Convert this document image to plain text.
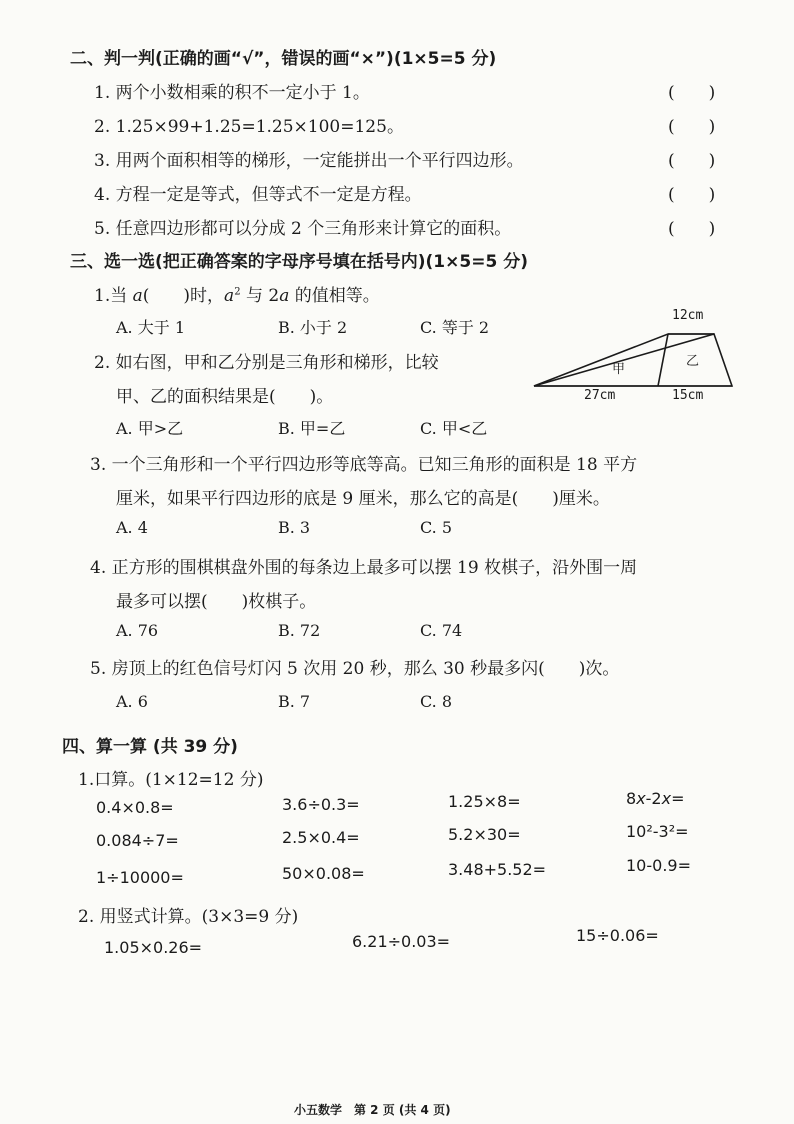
二、判一判(正确的画“√”，错误的画“×”)(1×5=5 分)
1. 两个小数相乘的积不一定小于 1。	(　　)
2. 1.25×99+1.25=1.25×100=125。	(　　)
3. 用两个面积相等的梯形，一定能拼出一个平行四边形。	(　　)
4. 方程一定是等式，但等式不一定是方程。	(　　)
5. 任意四边形都可以分成 2 个三角形来计算它的面积。	(　　)
三、选一选(把正确答案的字母序号填在括号内)(1×5=5 分)
1.当 a(　　)时，$a^2$ 与 2a 的值相等。
A. 大于 1	B. 小于 2	C. 等于 2
2. 如右图，甲和乙分别是三角形和梯形，比较
甲、乙的面积结果是(　　)。
A. 甲>乙	B. 甲=乙	C. 甲<乙
12cm
甲
乙
27cm	15cm
3. 一个三角形和一个平行四边形等底等高。已知三角形的面积是 18 平方
厘米，如果平行四边形的底是 9 厘米，那么它的高是(　　)厘米。
A. 4	B. 3	C. 5
4. 正方形的围棋棋盘外围的每条边上最多可以摆 19 枚棋子，沿外围一周
最多可以摆(　　)枚棋子。
A. 76	B. 72	C. 74
5. 房顶上的红色信号灯闪 5 次用 20 秒，那么 30 秒最多闪(　　)次。
A. 6	B. 7	C. 8
四、算一算 (共 39 分)
1.口算。(1×12=12 分)
0.4×0.8=	3.6÷0.3=	1.25×8=	8x-2x=
0.084÷7=	2.5×0.4=	5.2×30=	10²-3²=
1÷10000=	50×0.08=	3.48+5.52=	10-0.9=
2. 用竖式计算。(3×3=9 分)
1.05×0.26=	6.21÷0.03=	15÷0.06=
小五数学　第 2 页 (共 4 页)
